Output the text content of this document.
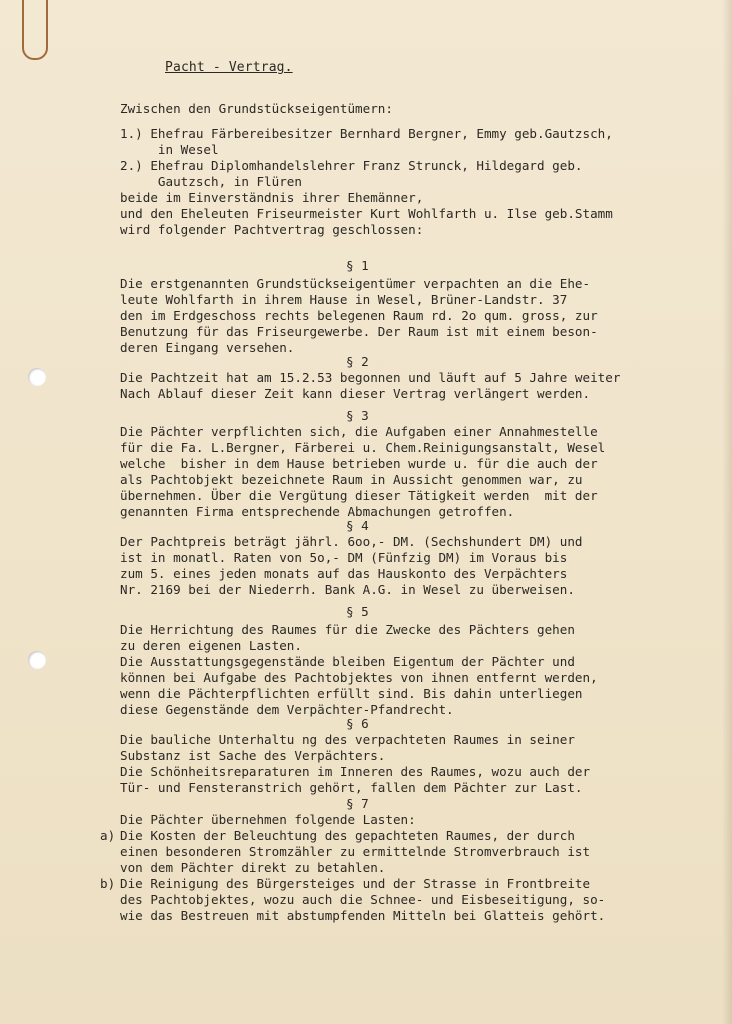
Pacht - Vertrag.
Zwischen den Grundstückseigentümern:
1.) Ehefrau Färbereibesitzer Bernhard Bergner, Emmy geb.Gautzsch,
in Wesel
2.) Ehefrau Diplomhandelslehrer Franz Strunck, Hildegard geb.
Gautzsch, in Flüren
beide im Einverständnis ihrer Ehemänner,
und den Eheleuten Friseurmeister Kurt Wohlfarth u. Ilse geb.Stamm
wird folgender Pachtvertrag geschlossen:
§ 1
Die erstgenannten Grundstückseigentümer verpachten an die Ehe-
leute Wohlfarth in ihrem Hause in Wesel, Brüner-Landstr. 37
den im Erdgeschoss rechts belegenen Raum rd. 2o qum. gross, zur
Benutzung für das Friseurgewerbe. Der Raum ist mit einem beson-
deren Eingang versehen.
§ 2
Die Pachtzeit hat am 15.2.53 begonnen und läuft auf 5 Jahre weiter
Nach Ablauf dieser Zeit kann dieser Vertrag verlängert werden.
§ 3
Die Pächter verpflichten sich, die Aufgaben einer Annahmestelle
für die Fa. L.Bergner, Färberei u. Chem.Reinigungsanstalt, Wesel
welche  bisher in dem Hause betrieben wurde u. für die auch der
als Pachtobjekt bezeichnete Raum in Aussicht genommen war, zu
übernehmen. Über die Vergütung dieser Tätigkeit werden  mit der
genannten Firma entsprechende Abmachungen getroffen.
§ 4
Der Pachtpreis beträgt jährl. 6oo,- DM. (Sechshundert DM) und
ist in monatl. Raten von 5o,- DM (Fünfzig DM) im Voraus bis
zum 5. eines jeden monats auf das Hauskonto des Verpächters
Nr. 2169 bei der Niederrh. Bank A.G. in Wesel zu überweisen.
§ 5
Die Herrichtung des Raumes für die Zwecke des Pächters gehen
zu deren eigenen Lasten.
Die Ausstattungsgegenstände bleiben Eigentum der Pächter und
können bei Aufgabe des Pachtobjektes von ihnen entfernt werden,
wenn die Pächterpflichten erfüllt sind. Bis dahin unterliegen
diese Gegenstände dem Verpächter-Pfandrecht.
§ 6
Die bauliche Unterhaltu ng des verpachteten Raumes in seiner
Substanz ist Sache des Verpächters.
Die Schönheitsreparaturen im Inneren des Raumes, wozu auch der
Tür- und Fensteranstrich gehört, fallen dem Pächter zur Last.
§ 7
Die Pächter übernehmen folgende Lasten:
Die Kosten der Beleuchtung des gepachteten Raumes, der durch
einen besonderen Stromzähler zu ermittelnde Stromverbrauch ist
von dem Pächter direkt zu betahlen.
Die Reinigung des Bürgersteiges und der Strasse in Frontbreite
des Pachtobjektes, wozu auch die Schnee- und Eisbeseitigung, so-
wie das Bestreuen mit abstumpfenden Mitteln bei Glatteis gehört.
a)
b)
